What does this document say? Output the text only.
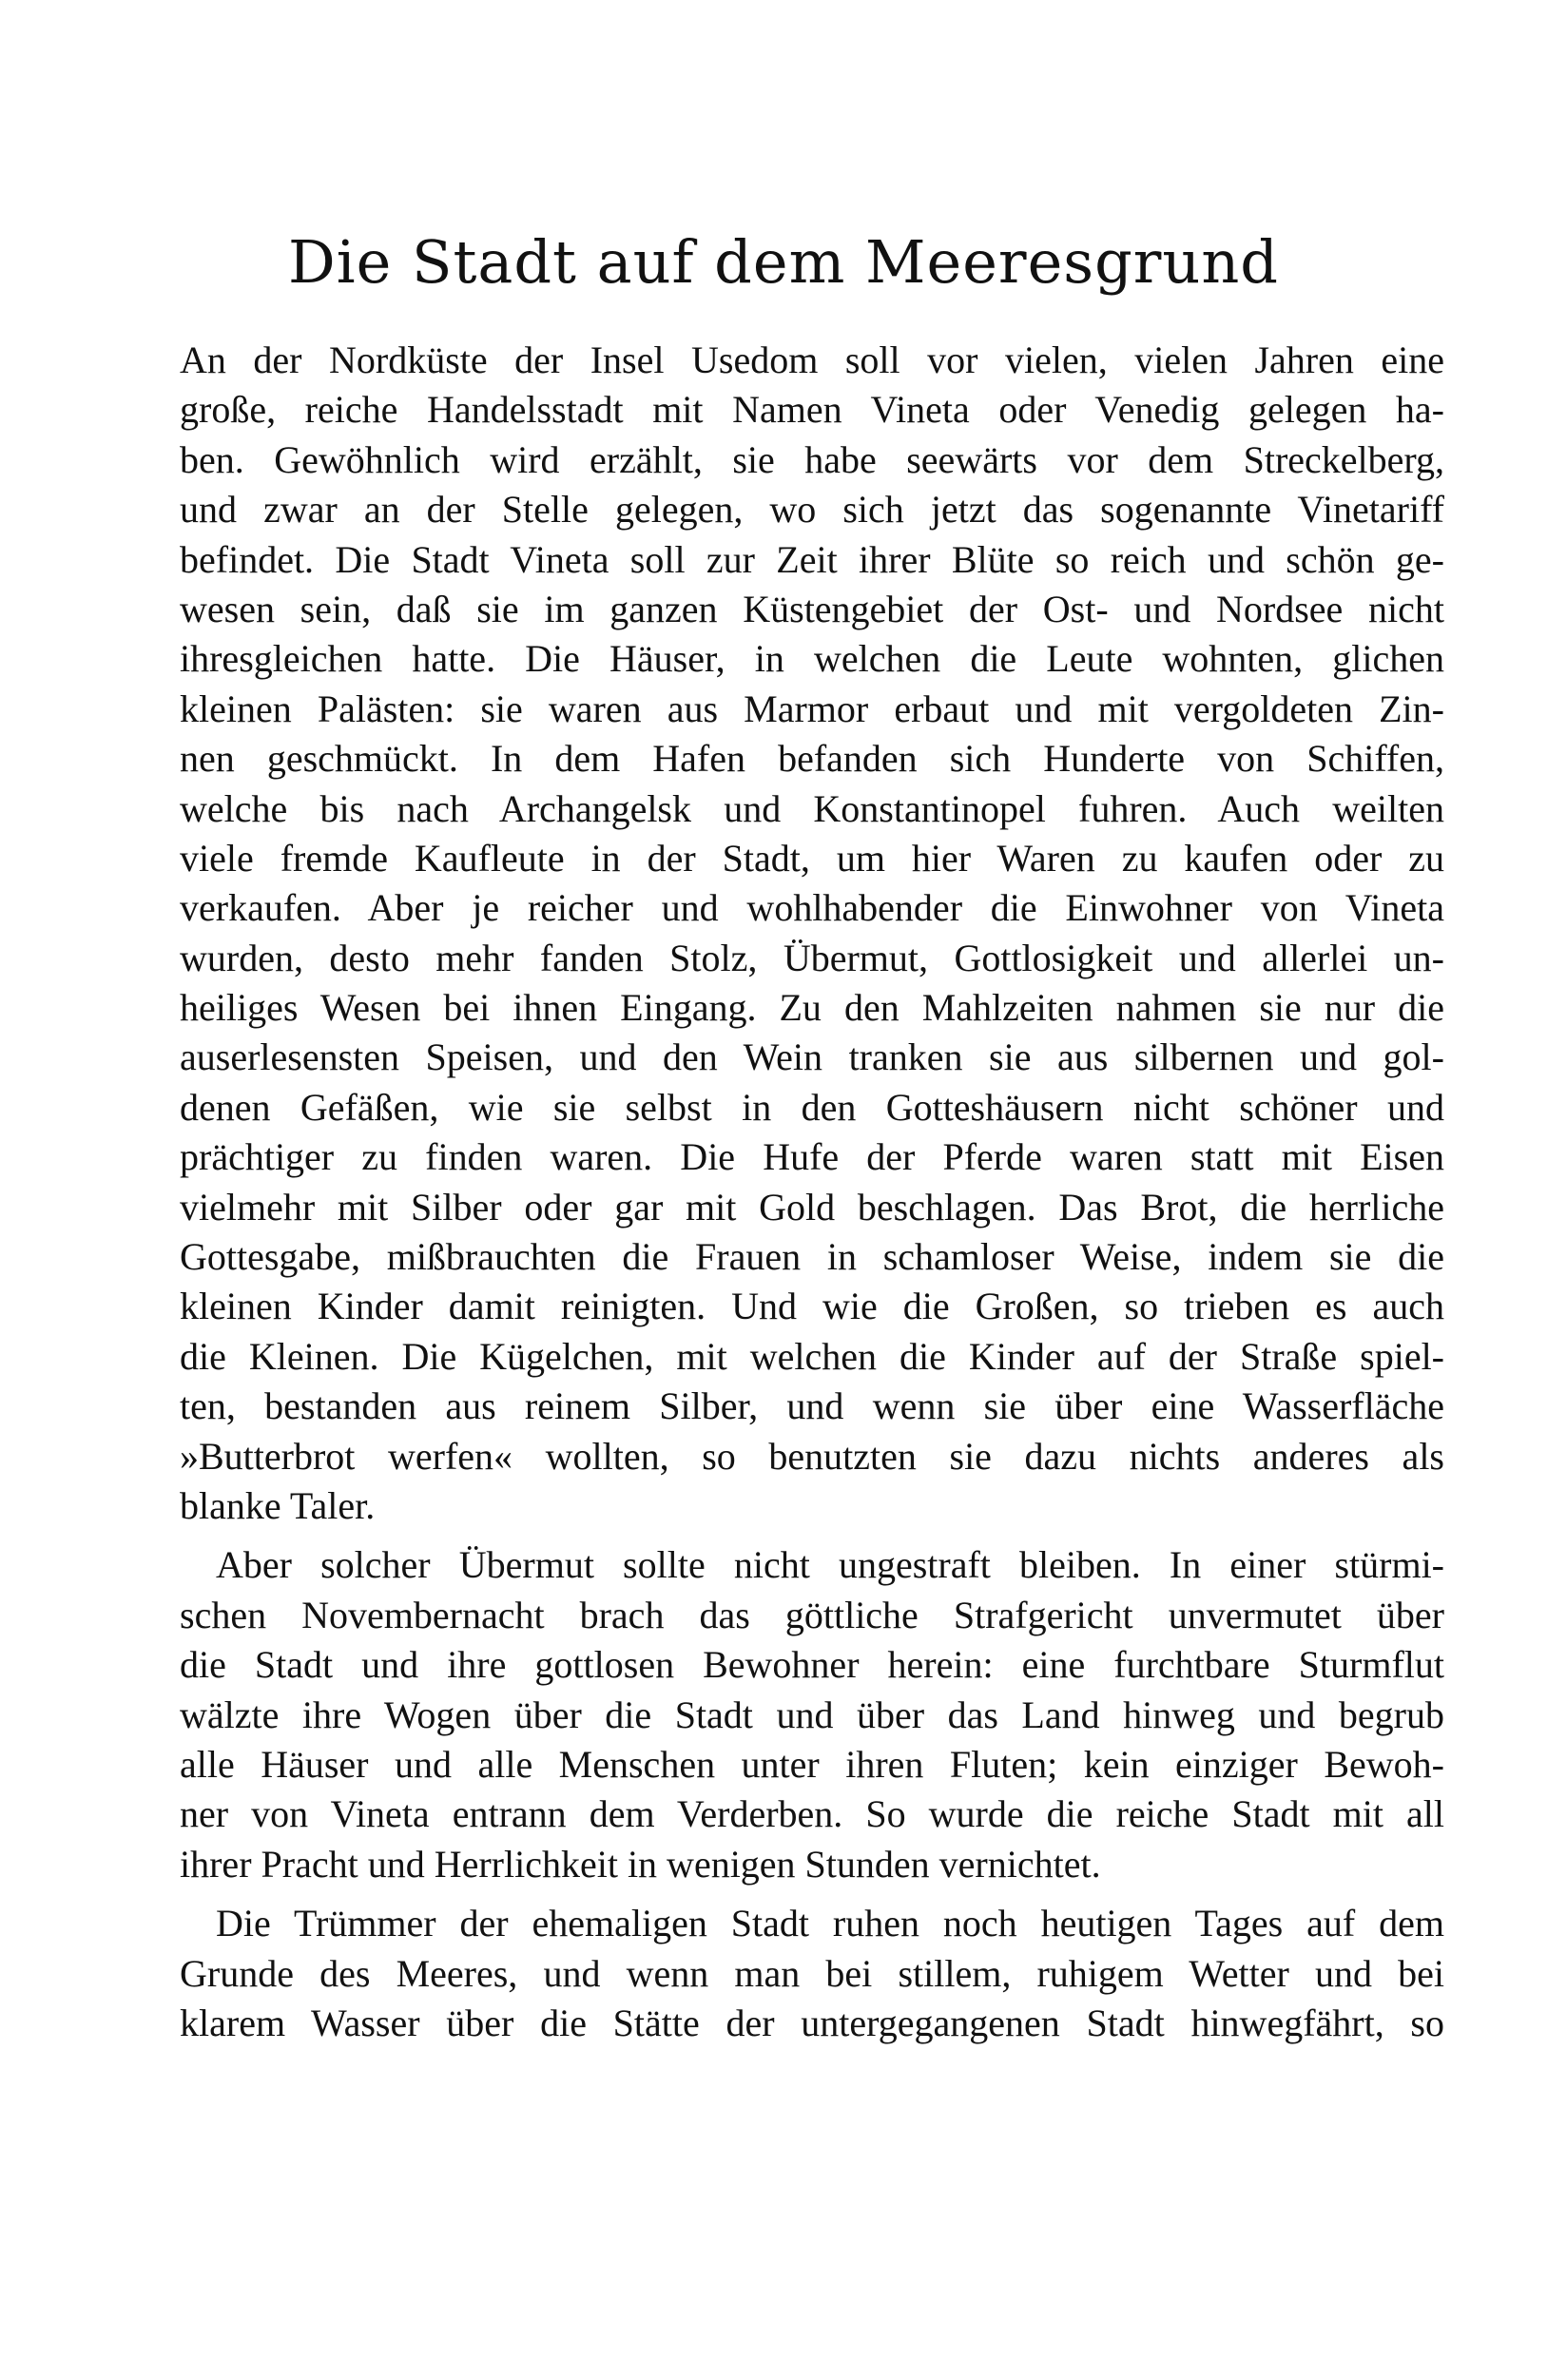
Die Stadt auf dem Meeresgrund
An der Nordküste der Insel Usedom soll vor vielen, vielen Jahren eine
große, reiche Handelsstadt mit Namen Vineta oder Venedig gelegen ha-
ben. Gewöhnlich wird erzählt, sie habe seewärts vor dem Streckelberg,
und zwar an der Stelle gelegen, wo sich jetzt das sogenannte Vinetariff
befindet. Die Stadt Vineta soll zur Zeit ihrer Blüte so reich und schön ge-
wesen sein, daß sie im ganzen Küstengebiet der Ost- und Nordsee nicht
ihresgleichen hatte. Die Häuser, in welchen die Leute wohnten, glichen
kleinen Palästen: sie waren aus Marmor erbaut und mit vergoldeten Zin-
nen geschmückt. In dem Hafen befanden sich Hunderte von Schiffen,
welche bis nach Archangelsk und Konstantinopel fuhren. Auch weilten
viele fremde Kaufleute in der Stadt, um hier Waren zu kaufen oder zu
verkaufen. Aber je reicher und wohlhabender die Einwohner von Vineta
wurden, desto mehr fanden Stolz, Übermut, Gottlosigkeit und allerlei un-
heiliges Wesen bei ihnen Eingang. Zu den Mahlzeiten nahmen sie nur die
auserlesensten Speisen, und den Wein tranken sie aus silbernen und gol-
denen Gefäßen, wie sie selbst in den Gotteshäusern nicht schöner und
prächtiger zu finden waren. Die Hufe der Pferde waren statt mit Eisen
vielmehr mit Silber oder gar mit Gold beschlagen. Das Brot, die herrliche
Gottesgabe, mißbrauchten die Frauen in schamloser Weise, indem sie die
kleinen Kinder damit reinigten. Und wie die Großen, so trieben es auch
die Kleinen. Die Kügelchen, mit welchen die Kinder auf der Straße spiel-
ten, bestanden aus reinem Silber, und wenn sie über eine Wasserfläche
»Butterbrot werfen« wollten, so benutzten sie dazu nichts anderes als
blanke Taler.
Aber solcher Übermut sollte nicht ungestraft bleiben. In einer stürmi-
schen Novembernacht brach das göttliche Strafgericht unvermutet über
die Stadt und ihre gottlosen Bewohner herein: eine furchtbare Sturmflut
wälzte ihre Wogen über die Stadt und über das Land hinweg und begrub
alle Häuser und alle Menschen unter ihren Fluten; kein einziger Bewoh-
ner von Vineta entrann dem Verderben. So wurde die reiche Stadt mit all
ihrer Pracht und Herrlichkeit in wenigen Stunden vernichtet.
Die Trümmer der ehemaligen Stadt ruhen noch heutigen Tages auf dem
Grunde des Meeres, und wenn man bei stillem, ruhigem Wetter und bei
klarem Wasser über die Stätte der untergegangenen Stadt hinwegfährt, so
